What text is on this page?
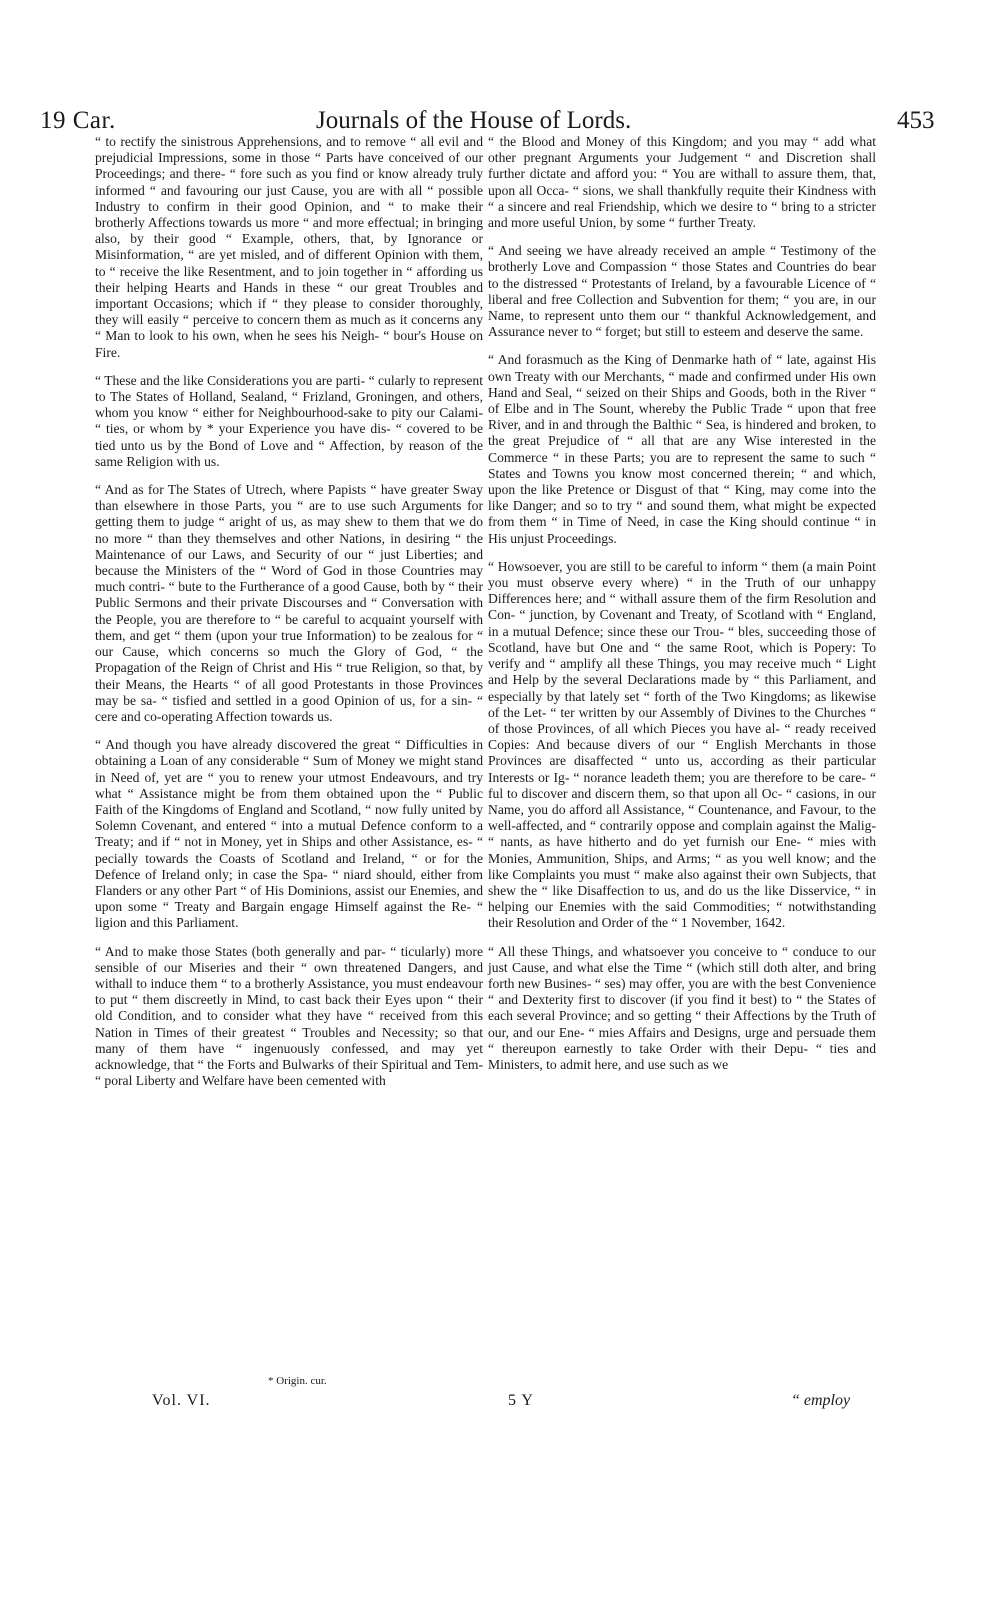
19 Car.	Journals of the House of Lords.	453

“ to rectify the sinistrous Apprehensions, and to remove “ all evil and prejudicial Impressions, some in those “ Parts have conceived of our Proceedings; and there- “ fore such as you find or know already truly informed “ and favouring our just Cause, you are with all “ possible Industry to confirm in their good Opinion, and “ to make their brotherly Affections towards us more “ and more effectual; in bringing also, by their good “ Example, others, that, by Ignorance or Misinformation, “ are yet misled, and of different Opinion with them, to “ receive the like Resentment, and to join together in “ affording us their helping Hearts and Hands in these “ our great Troubles and important Occasions; which if “ they please to consider thoroughly, they will easily “ perceive to concern them as much as it concerns any “ Man to look to his own, when he sees his Neigh- “ bour's House on Fire.

“ These and the like Considerations you are parti- “ cularly to represent to The States of Holland, Sealand, “ Frizland, Groningen, and others, whom you know “ either for Neighbourhood-sake to pity our Calami- “ ties, or whom by * your Experience you have dis- “ covered to be tied unto us by the Bond of Love and “ Affection, by reason of the same Religion with us.

“ And as for The States of Utrech, where Papists “ have greater Sway than elsewhere in those Parts, you “ are to use such Arguments for getting them to judge “ aright of us, as may shew to them that we do no more “ than they themselves and other Nations, in desiring “ the Maintenance of our Laws, and Security of our “ just Liberties; and because the Ministers of the “ Word of God in those Countries may much contri- “ bute to the Furtherance of a good Cause, both by “ their Public Sermons and their private Discourses and “ Conversation with the People, you are therefore to “ be careful to acquaint yourself with them, and get “ them (upon your true Information) to be zealous for “ our Cause, which concerns so much the Glory of God, “ the Propagation of the Reign of Christ and His “ true Religion, so that, by their Means, the Hearts “ of all good Protestants in those Provinces may be sa- “ tisfied and settled in a good Opinion of us, for a sin- “ cere and co-operating Affection towards us.

“ And though you have already discovered the great “ Difficulties in obtaining a Loan of any considerable “ Sum of Money we might stand in Need of, yet are “ you to renew your utmost Endeavours, and try what “ Assistance might be from them obtained upon the “ Public Faith of the Kingdoms of England and Scotland, “ now fully united by Solemn Covenant, and entered “ into a mutual Defence conform to a Treaty; and if “ not in Money, yet in Ships and other Assistance, es- “ pecially towards the Coasts of Scotland and Ireland, “ or for the Defence of Ireland only; in case the Spa- “ niard should, either from Flanders or any other Part “ of His Dominions, assist our Enemies, and upon some “ Treaty and Bargain engage Himself against the Re- “ ligion and this Parliament.

“ And to make those States (both generally and par- “ ticularly) more sensible of our Miseries and their “ own threatened Dangers, and withall to induce them “ to a brotherly Assistance, you must endeavour to put “ them discreetly in Mind, to cast back their Eyes upon “ their old Condition, and to consider what they have “ received from this Nation in Times of their greatest “ Troubles and Necessity; so that many of them have “ ingenuously confessed, and may yet acknowledge, that “ the Forts and Bulwarks of their Spiritual and Tem- “ poral Liberty and Welfare have been cemented with

“ the Blood and Money of this Kingdom; and you may “ add what other pregnant Arguments your Judgement “ and Discretion shall further dictate and afford you: “ You are withall to assure them, that, upon all Occa- “ sions, we shall thankfully requite their Kindness with “ a sincere and real Friendship, which we desire to “ bring to a stricter and more useful Union, by some “ further Treaty.

“ And seeing we have already received an ample “ Testimony of the brotherly Love and Compassion “ those States and Countries do bear to the distressed “ Protestants of Ireland, by a favourable Licence of “ liberal and free Collection and Subvention for them; “ you are, in our Name, to represent unto them our “ thankful Acknowledgement, and Assurance never to “ forget; but still to esteem and deserve the same.

“ And forasmuch as the King of Denmarke hath of “ late, against His own Treaty with our Merchants, “ made and confirmed under His own Hand and Seal, “ seized on their Ships and Goods, both in the River “ of Elbe and in The Sount, whereby the Public Trade “ upon that free River, and in and through the Balthic “ Sea, is hindered and broken, to the great Prejudice of “ all that are any Wise interested in the Commerce “ in these Parts; you are to represent the same to such “ States and Towns you know most concerned therein; “ and which, upon the like Pretence or Disgust of that “ King, may come into the like Danger; and so to try “ and sound them, what might be expected from them “ in Time of Need, in case the King should continue “ in His unjust Proceedings.

“ Howsoever, you are still to be careful to inform “ them (a main Point you must observe every where) “ in the Truth of our unhappy Differences here; and “ withall assure them of the firm Resolution and Con- “ junction, by Covenant and Treaty, of Scotland with “ England, in a mutual Defence; since these our Trou- “ bles, succeeding those of Scotland, have but One and “ the same Root, which is Popery: To verify and “ amplify all these Things, you may receive much “ Light and Help by the several Declarations made by “ this Parliament, and especially by that lately set “ forth of the Two Kingdoms; as likewise of the Let- “ ter written by our Assembly of Divines to the Churches “ of those Provinces, of all which Pieces you have al- “ ready received Copies: And because divers of our “ English Merchants in those Provinces are disaffected “ unto us, according as their particular Interests or Ig- “ norance leadeth them; you are therefore to be care- “ ful to discover and discern them, so that upon all Oc- “ casions, in our Name, you do afford all Assistance, “ Countenance, and Favour, to the well-affected, and “ contrarily oppose and complain against the Malig- “ nants, as have hitherto and do yet furnish our Ene- “ mies with Monies, Ammunition, Ships, and Arms; “ as you well know; and the like Complaints you must “ make also against their own Subjects, that shew the “ like Disaffection to us, and do us the like Disservice, “ in helping our Enemies with the said Commodities; “ notwithstanding their Resolution and Order of the “ 1 November, 1642.

“ All these Things, and whatsoever you conceive to “ conduce to our just Cause, and what else the Time “ (which still doth alter, and bring forth new Busines- “ ses) may offer, you are with the best Convenience “ and Dexterity first to discover (if you find it best) to “ the States of each several Province; and so getting “ their Affections by the Truth of our, and our Ene- “ mies Affairs and Designs, urge and persuade them “ thereupon earnestly to take Order with their Depu- “ ties and Ministers, to admit here, and use such as we

* Origin. cur.
Vol. VI.	5 Y	“ employ
